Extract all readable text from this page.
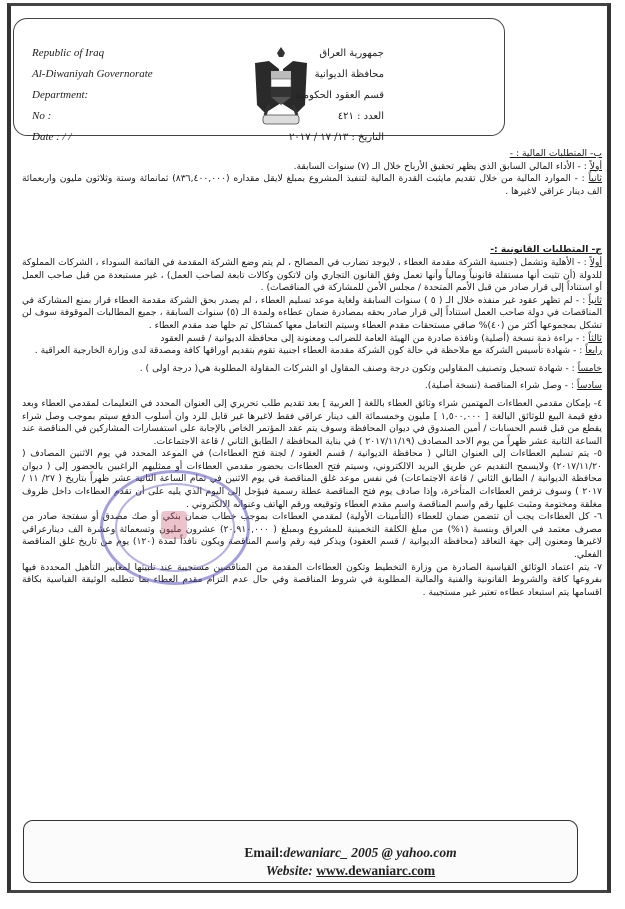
Republic of Iraq
Al-Diwaniyah Governorate
Department:
No :
Date : / /
جمهورية العراق
محافظة الديوانية
قسم العقود الحكومية
العدد : ٤٢١
التاريخ : ١٣/ ١٧ / ٢٠١٧

ب- المتطلبات المالية : -

أولاً : - الأداء المالي السابق الذي يظهر تحقيق الأرباح خلال الـ (٧) سنوات السابقة.

ثانياً : - الموارد المالية من خلال تقديم مايثبت القدرة المالية لتنفيذ المشروع بمبلغ لايقل مقداره (٨٣٦,٤٠٠,٠٠٠) ثمانمائة وستة وثلاثون مليون واربعمائة الف دينار عراقي لاغيرها .

ج- المتطلبات القانونية :-

أولاً : - الأهلية وتشمل (جنسية الشركة مقدمة العطاء ، لايوجد تضارب في المصالح ، لم يتم وضع الشركة المقدمة في القائمة السوداء ، الشركات المملوكة للدولة (أن تثبت أنها مستقلة قانونياً ومالياً وأنها تعمل وفق القانون التجاري وان لاتكون وكالات تابعة لصاحب العمل) ، غير مستبعدة من قبل صاحب العمل أو استناداً إلى قرار صادر من قبل الأمم المتحدة / مجلس الأمن للمشاركة في المناقصات) .

ثانياً : - لم تظهر عقود غير منفذه خلال الـ ( ٥ ) سنوات السابقة ولغاية موعد تسليم العطاء ، لم يصدر بحق الشركة مقدمة العطاء قرار بمنع المشاركة في المناقصات في دولة صاحب العمل استناداً إلى قرار صادر بحقه بمصادرة ضمان عطاءه ولمدة الـ (٥) سنوات السابقة ، جميع المطالبات الموقوفة سوف لن تشكل بمجموعها أكثر من (٤٠)% صافي مستحقات مقدم العطاء وسيتم التعامل معها كمشاكل تم حلها ضد مقدم العطاء .

ثالثاً : - براءة ذمة نسخة (أصلية) ونافذة صادرة من الهيئة العامة للضرائب ومعنونة إلى محافظة الديوانية / قسم العقود

رابعاً : - شهادة تأسيس الشركة مع ملاحظة في حالة كون الشركة مقدمة العطاء اجنبية تقوم بتقديم اوراقها كافة ومصدقة لدى وزارة الخارجية العراقية .

خامساً : - شهادة تسجيل وتصنيف المقاولين وتكون درجة وصنف المقاول او الشركات المقاولة المطلوبة هي( درجة اولى ) .

سادساً : - وصل شراء المناقصة (نسخة أصلية).

٤- بإمكان مقدمي العطاءات المهتمين شراء وثائق العطاء باللغة [ العربية ] بعد تقديم طلب تحريري إلى العنوان المحدد في التعليمات لمقدمي العطاء وبعد دفع قيمة البيع للوثائق البالغة [ ١,٥٠٠,٠٠٠ ] مليون وخمسمائة الف دينار عراقي فقط لاغيرها غير قابل للرد وان أسلوب الدفع سيتم بموجب وصل شراء يقطع من قبل قسم الحسابات / أمين الصندوق في ديوان المحافظة وسوف يتم عقد المؤتمر الخاص بالإجابة على استفسارات المشاركين في المناقصة عند الساعة الثانية عشر ظهراً من يوم الاحد المصادف (٢٠١٧/١١/١٩ ) في بناية المحافظة / الطابق الثاني / قاعة الاجتماعات.

٥- يتم تسليم العطاءات إلى العنوان التالي ( محافظة الديوانية / قسم العقود / لجنة فتح العطاءات) في الموعد المحدد في يوم الاثنين المصادف ( ٢٠١٧/١١/٢٠) ولايسمح التقديم عن طريق البريد الالكتروني، وسيتم فتح العطاءات بحضور مقدمي العطاءات أو ممثليهم الراغبين بالحضور إلى ( ديوان محافظة الديوانية / الطابق الثاني / قاعة الاجتماعات) في نفس موعد غلق المناقصة في يوم الاثنين في تمام الساعة الثانية عشر ظهراً بتاريخ ( ٢٧/ ١١ /٢٠١٧ ) وسوف ترفض العطاءات المتأخرة، وإذا صادف يوم فتح المناقصة عطلة رسمية فيؤجل إلى اليوم الذي يليه على أن تقدم العطاءات داخل ظروف مغلقة ومختومة ومثبت عليها رقم واسم المناقصة واسم مقدم العطاء وتوقيعه ورقم الهاتف وعنوانه الالكتروني .

٦- كل العطاءات يجب أن تتضمن ضمان للعطاء (التأمينات الأولية) لمقدمي العطاءات بموجب خطاب ضمان بنكي أو صك مصدق أو سفتجة صادر من مصرف معتمد في العراق وبنسبة (١%) من مبلغ الكلفة التخمينية للمشروع وبمبلغ ( ٢٠,٩١٠,٠٠٠) عشرون مليون وتسعمائة وعشرة الف دينارعراقي لاغيرها ومعنون إلى جهة التعاقد (محافظة الديوانية / قسم العقود) ويذكر فيه رقم واسم المناقصة ويكون نافذاً لمدة (١٢٠) يوم من تاريخ غلق المناقصة الفعلي.

٧- يتم اعتماد الوثائق القياسية الصادرة من وزارة التخطيط وتكون العطاءات المقدمة من المناقصين مستجيبة عند تلبيتها لمعايير التأهيل المحددة فيها بفروعها كافة والشروط القانونية والفنية والمالية المطلوبة في شروط المناقصة وفي حال عدم التزام مقدم العطاء بما تتطلبه الوثيقة القياسية بكافة اقسامها يتم استبعاد عطاءه تعتبر غير مستجيبة .

Email:dewaniarc_ 2005 @ yahoo.com
Website: www.dewaniarc.com
